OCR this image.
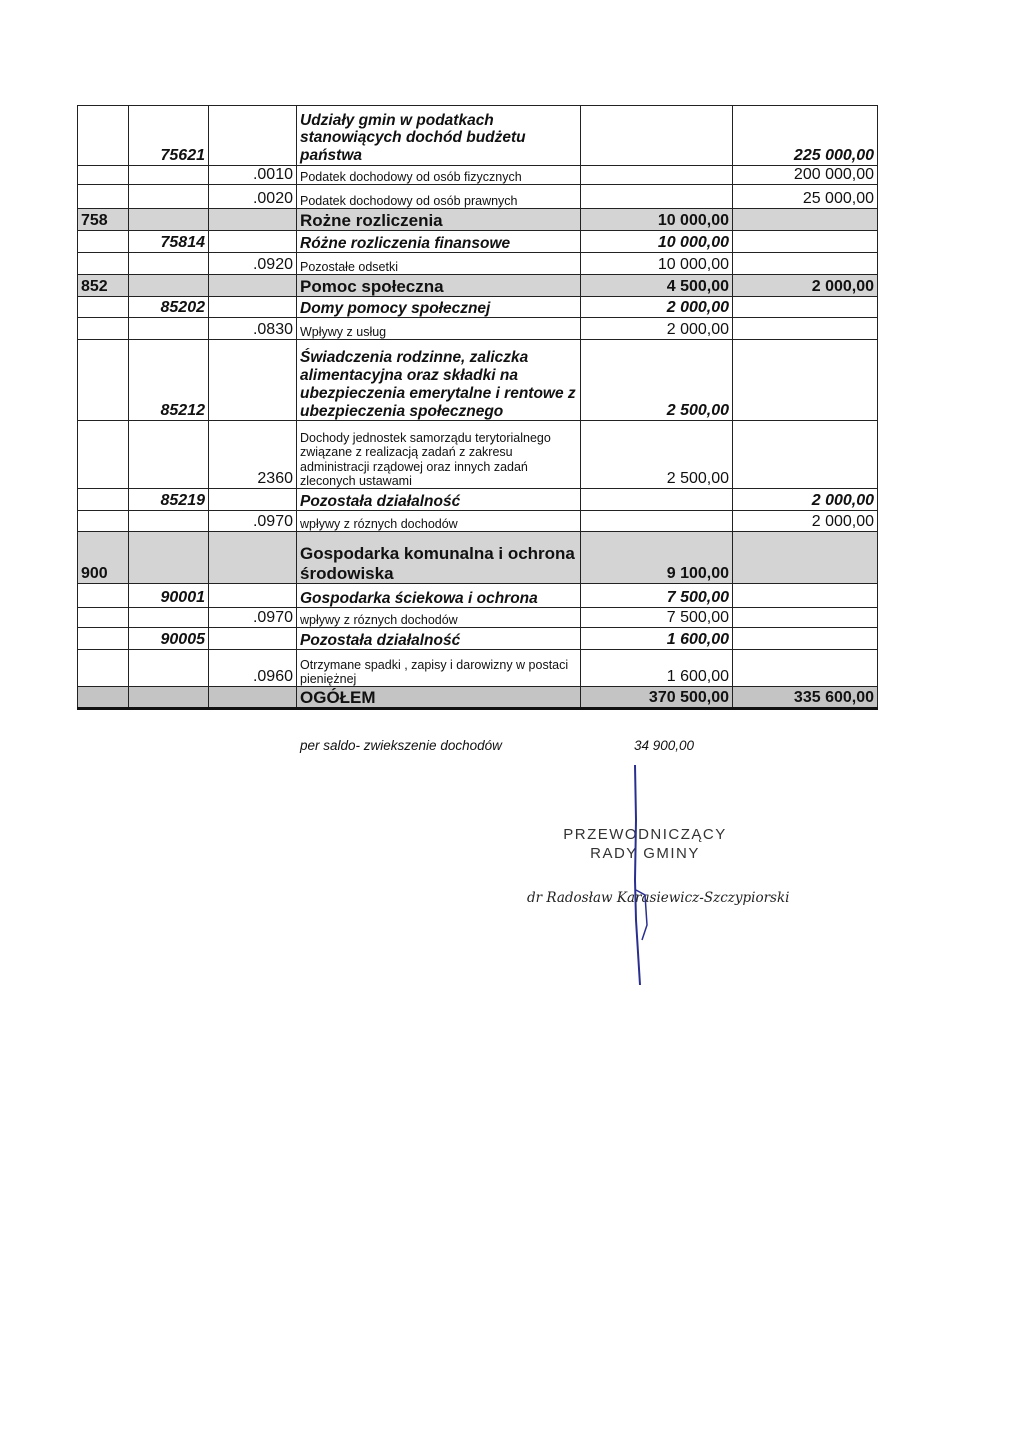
	75621		Udziały gmin w podatkach stanowiących dochód budżetu państwa		225 000,00
		.0010	Podatek dochodowy od osób fizycznych		200 000,00
		.0020	Podatek dochodowy od osób prawnych		25 000,00
758			Rożne rozliczenia	10 000,00	
	75814		Różne rozliczenia finansowe	10 000,00	
		.0920	Pozostałe odsetki	10 000,00	
852			Pomoc społeczna	4 500,00	2 000,00
	85202		Domy pomocy społecznej	2 000,00	
		.0830	Wpływy z usług	2 000,00	
	85212		Świadczenia rodzinne, zaliczka alimentacyjna oraz składki na ubezpieczenia emerytalne i rentowe z ubezpieczenia społecznego	2 500,00	
		2360	Dochody jednostek samorządu terytorialnego związane z realizacją zadań z zakresu administracji rządowej oraz innych zadań zleconych ustawami	2 500,00	
	85219		Pozostała działalność		2 000,00
		.0970	wpływy z róznych dochodów		2 000,00
900			Gospodarka komunalna i ochrona środowiska	9 100,00	
	90001		Gospodarka ściekowa i ochrona	7 500,00	
		.0970	wpływy z róznych dochodów	7 500,00	
	90005		Pozostała działalność	1 600,00	
		.0960	Otrzymane spadki , zapisy i darowizny w postaci pieniężnej	1 600,00	
			OGÓŁEM	370 500,00	335 600,00
per saldo- zwiekszenie dochodów	34 900,00
PRZEWODNICZĄCY
RADY GMINY
dr Radosław Karasiewicz-Szczypiorski
